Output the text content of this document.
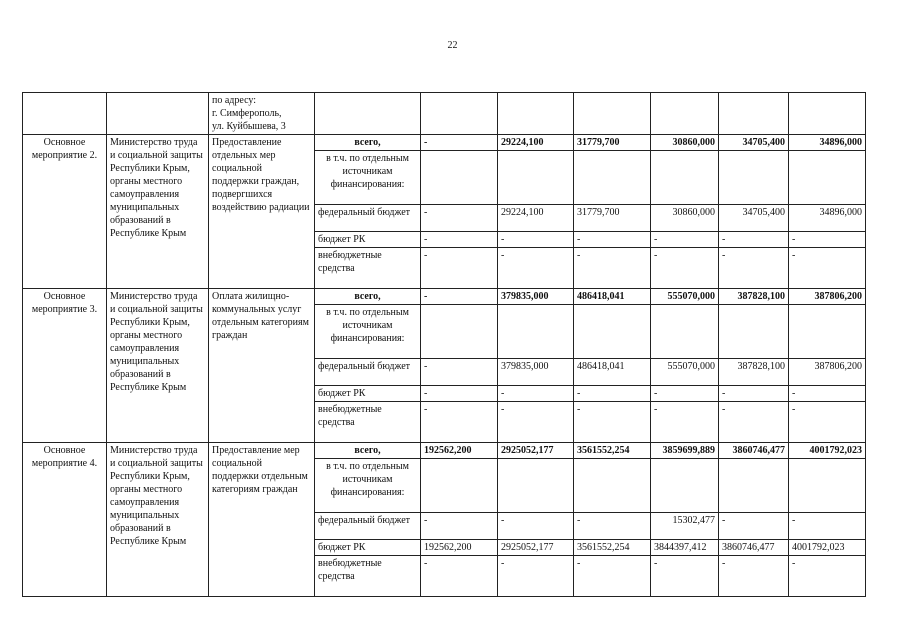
22
		по адресу:
г. Симферополь,
ул. Куйбышева, 3							
Основное мероприятие 2.	Министерство труда и социальной защиты Республики Крым, органы местного самоуправления муниципальных образований в Республике Крым	Предоставление отдельных мер социальной поддержки граждан, подвергшихся воздействию радиации	всего,	-	29224,100	31779,700	30860,000	34705,400	34896,000
			в т.ч. по отдельным источникам финансирования:						
			федеральный бюджет	-	29224,100	31779,700	30860,000	34705,400	34896,000
			бюджет РК	-	-	-	-	-	-
			внебюджетные средства	-	-	-	-	-	-
Основное мероприятие 3.	Министерство труда и социальной защиты Республики Крым, органы местного самоуправления муниципальных образований в Республике Крым	Оплата жилищно-коммунальных услуг отдельным категориям граждан	всего,	-	379835,000	486418,041	555070,000	387828,100	387806,200
			в т.ч. по отдельным источникам финансирования:						
			федеральный бюджет	-	379835,000	486418,041	555070,000	387828,100	387806,200
			бюджет РК	-	-	-	-	-	-
			внебюджетные средства	-	-	-	-	-	-
Основное мероприятие 4.	Министерство труда и социальной защиты Республики Крым, органы местного самоуправления муниципальных образований в Республике Крым	Предоставление мер социальной поддержки отдельным категориям граждан	всего,	192562,200	2925052,177	3561552,254	3859699,889	3860746,477	4001792,023
			в т.ч. по отдельным источникам финансирования:						
			федеральный бюджет	-	-	-	15302,477	-	-
			бюджет РК	192562,200	2925052,177	3561552,254	3844397,412	3860746,477	4001792,023
			внебюджетные средства	-	-	-	-	-	-
